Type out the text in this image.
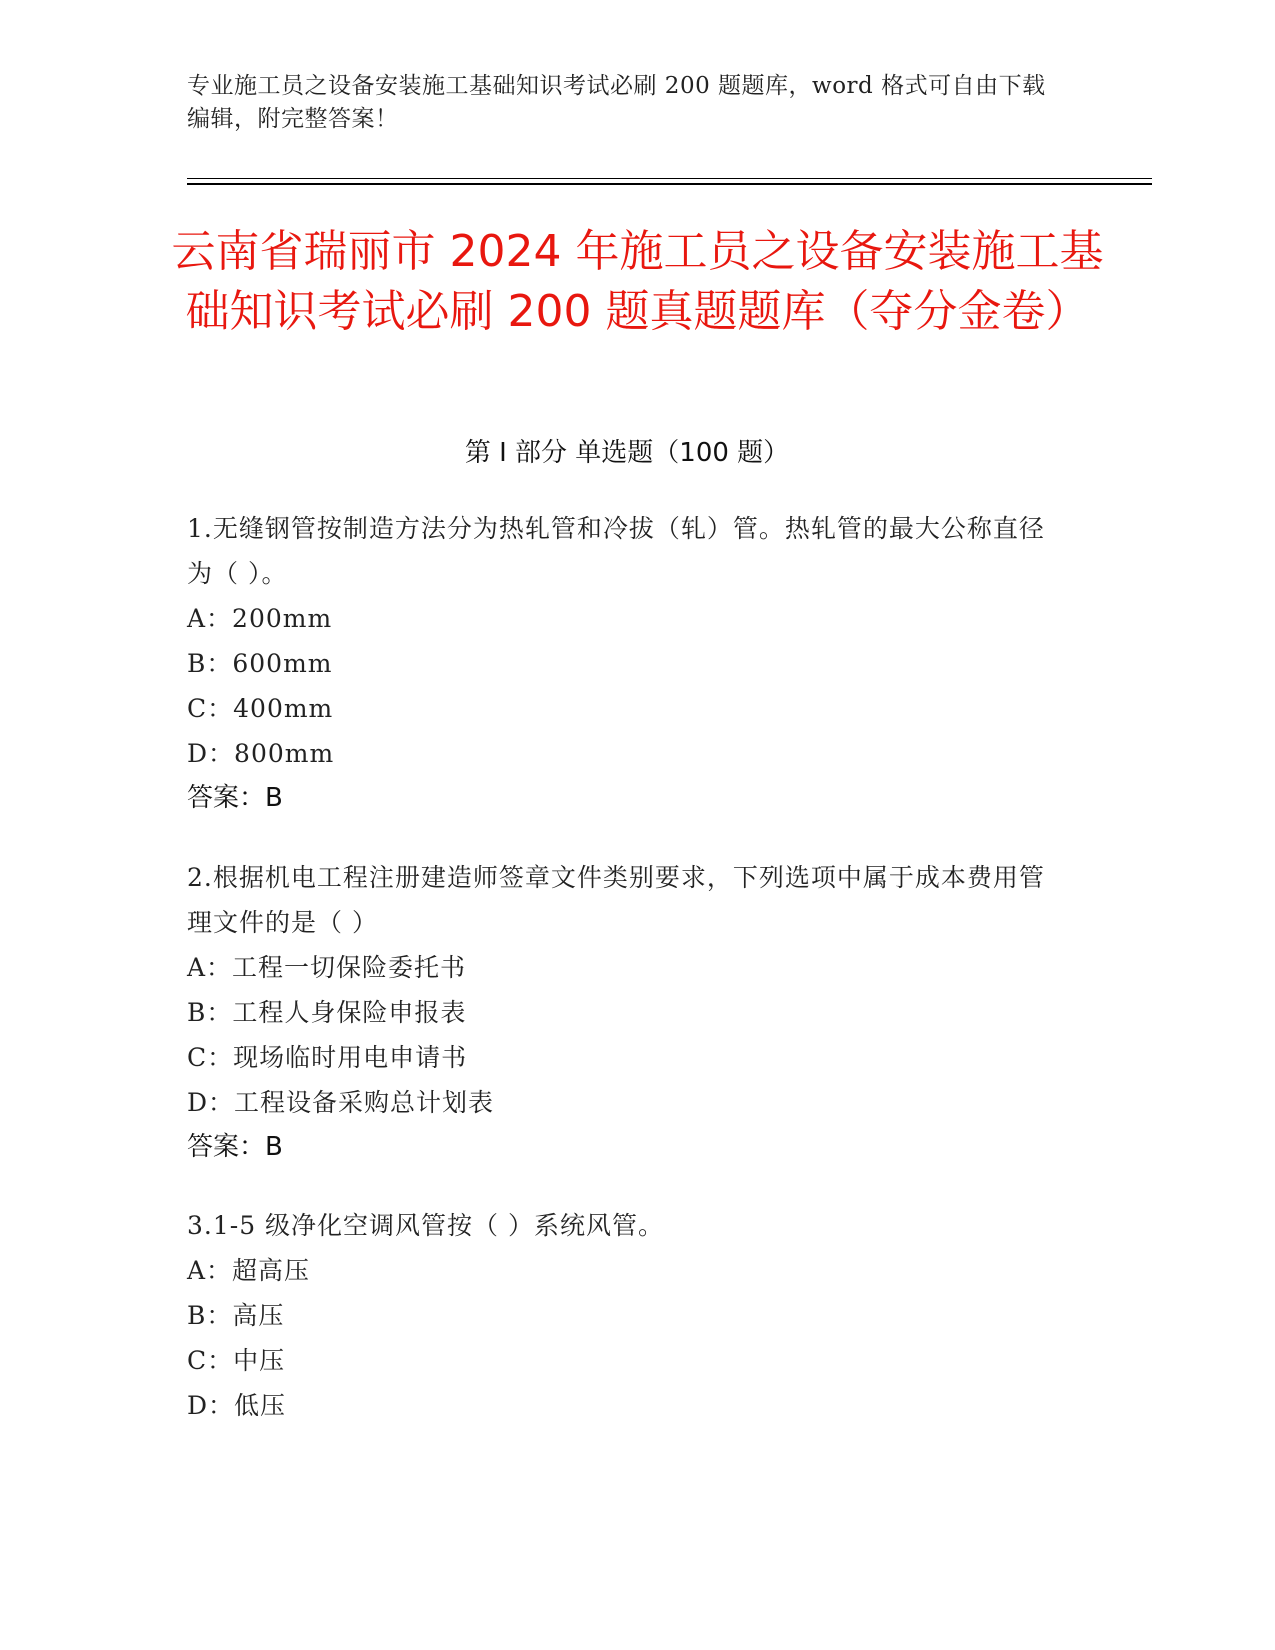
专业施工员之设备安装施工基础知识考试必刷 200 题题库，word 格式可自由下载编辑，附完整答案！
云南省瑞丽市 2024 年施工员之设备安装施工基础知识考试必刷 200 题真题题库（夺分金卷）
第 I 部分 单选题（100 题）
1.无缝钢管按制造方法分为热轧管和冷拔（轧）管。热轧管的最大公称直径为（ ）。
A：200mm
B：600mm
C：400mm
D：800mm
答案：B
2.根据机电工程注册建造师签章文件类别要求，下列选项中属于成本费用管理文件的是（ ）
A：工程一切保险委托书
B：工程人身保险申报表
C：现场临时用电申请书
D：工程设备采购总计划表
答案：B
3.1-5 级净化空调风管按（ ）系统风管。
A：超高压
B：高压
C：中压
D：低压
